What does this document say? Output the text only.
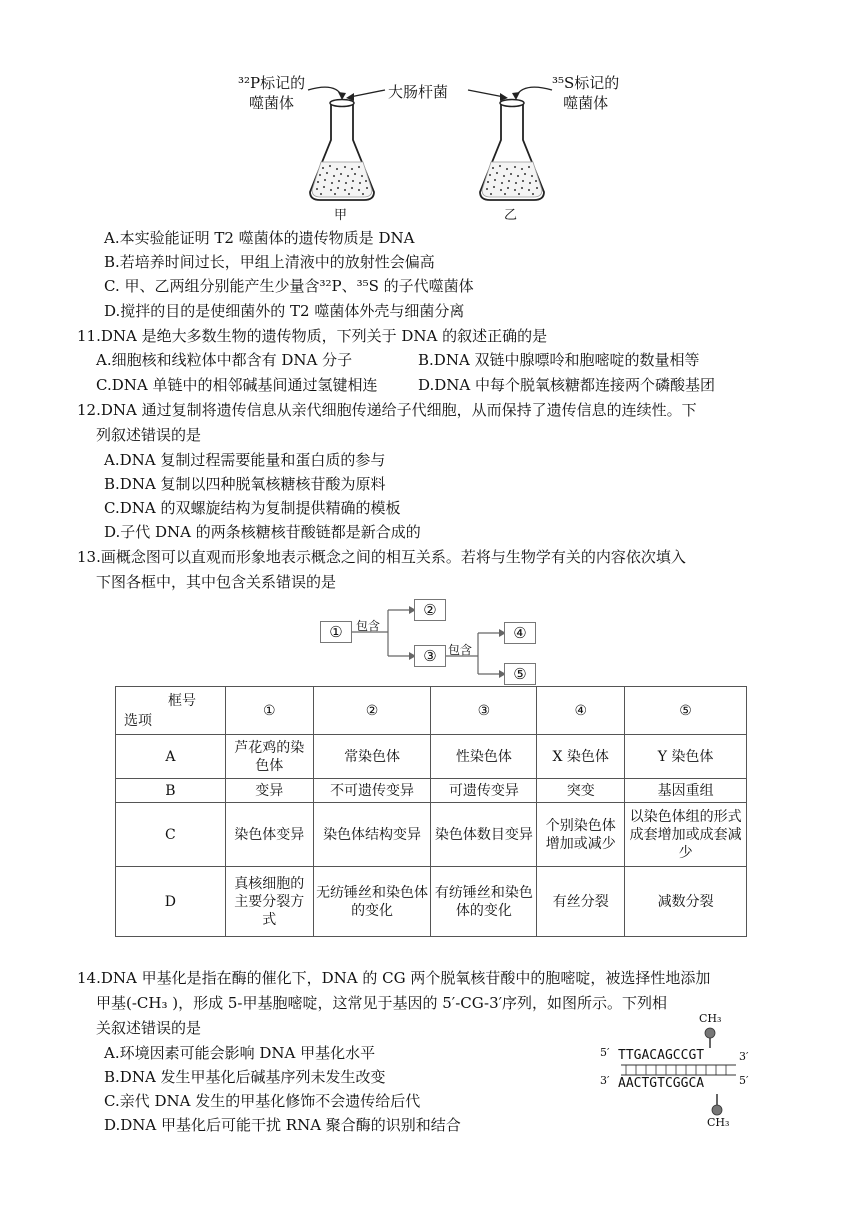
³²P标记的
噬菌体
大肠杆菌	³⁵S标记的
噬菌体
甲	乙
A.本实验能证明 T2 噬菌体的遗传物质是 DNA
B.若培养时间过长，甲组上清液中的放射性会偏高
C. 甲、乙两组分别能产生少量含³²P、³⁵S 的子代噬菌体
D.搅拌的目的是使细菌外的 T2 噬菌体外壳与细菌分离
11.DNA 是绝大多数生物的遗传物质，下列关于 DNA 的叙述正确的是
A.细胞核和线粒体中都含有 DNA 分子	B.DNA 双链中腺嘌呤和胞嘧啶的数量相等
C.DNA 单链中的相邻碱基间通过氢键相连	D.DNA 中每个脱氧核糖都连接两个磷酸基团
12.DNA 通过复制将遗传信息从亲代细胞传递给子代细胞，从而保持了遗传信息的连续性。下
列叙述错误的是
A.DNA 复制过程需要能量和蛋白质的参与
B.DNA 复制以四种脱氧核糖核苷酸为原料
C.DNA 的双螺旋结构为复制提供精确的模板
D.子代 DNA 的两条核糖核苷酸链都是新合成的
13.画概念图可以直观而形象地表示概念之间的相互关系。若将与生物学有关的内容依次填入
下图各框中，其中包含关系错误的是
①
②
③
④
⑤
包含
包含
框号
选项	①	②	③	④	⑤
A	芦花鸡的染色体	常染色体	性染色体	X 染色体	Y 染色体
B	变异	不可遗传变异	可遗传变异	突变	基因重组
C	染色体变异	染色体结构变异	染色体数目变异	个别染色体增加或减少	以染色体组的形式成套增加或成套减少
D	真核细胞的主要分裂方式	无纺锤丝和染色体的变化	有纺锤丝和染色体的变化	有丝分裂	减数分裂
14.DNA 甲基化是指在酶的催化下，DNA 的 CG 两个脱氧核苷酸中的胞嘧啶，被选择性地添加
甲基(-CH₃ )，形成 5-甲基胞嘧啶，这常见于基因的 5′-CG-3′序列，如图所示。下列相
关叙述错误的是
A.环境因素可能会影响 DNA 甲基化水平
B.DNA 发生甲基化后碱基序列未发生改变
C.亲代 DNA 发生的甲基化修饰不会遗传给后代
D.DNA 甲基化后可能干扰 RNA 聚合酶的识别和结合
CH₃
5′ TTGACAGCCGT	3′
3′ AACTGTCGGCA	5′
CH₃
